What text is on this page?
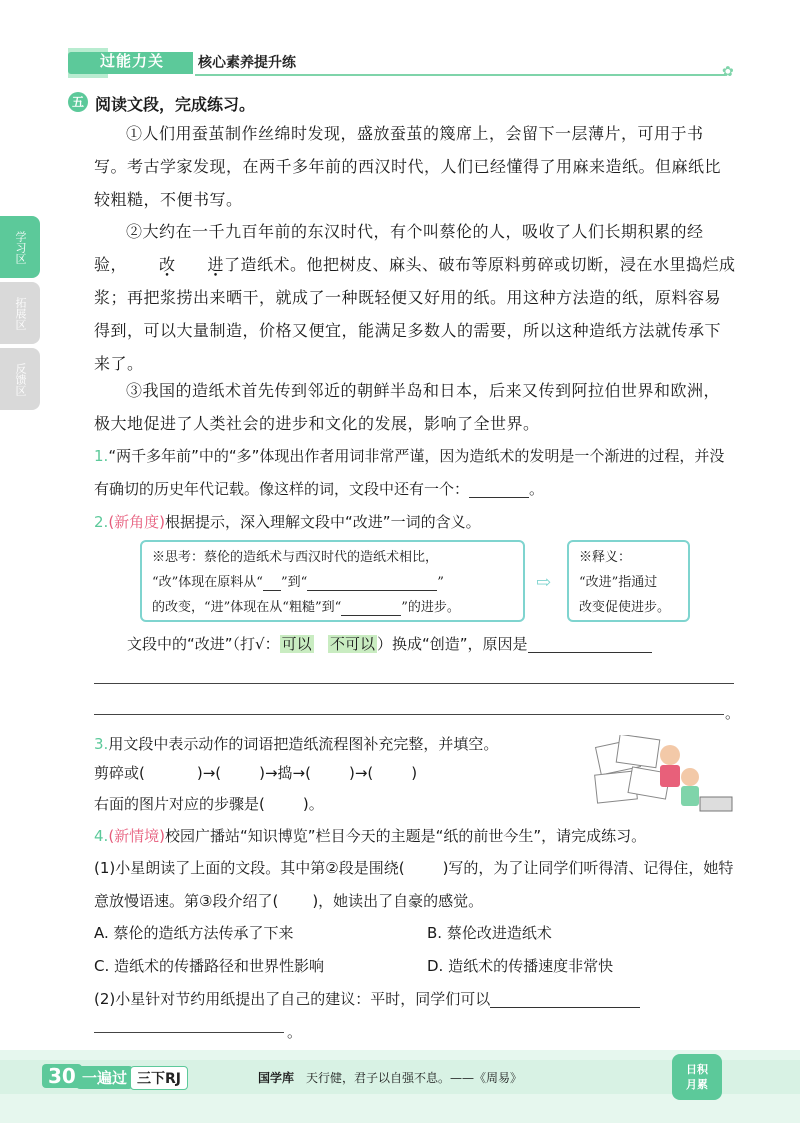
过能力关 核心素养提升练
✿
学习区
拓展区
反馈区
五 阅读文段，完成练习。

①人们用蚕茧制作丝绵时发现，盛放蚕茧的篾席上，会留下一层薄片，可用于书写。考古学家发现，在两千多年前的西汉时代，人们已经懂得了用麻来造纸。但麻纸比较粗糙，不便书写。

②大约在一千九百年前的东汉时代，有个叫蔡伦的人，吸收了人们长期积累的经验， 改 进了造纸术。他把树皮、麻头、破布等原料剪碎或切断，浸在水里捣烂成浆；再把浆捞出来晒干，就成了一种既轻便又好用的纸。用这种方法造的纸，原料容易得到，可以大量制造，价格又便宜，能满足多数人的需要，所以这种造纸方法就传承下来了。

③我国的造纸术首先传到邻近的朝鲜半岛和日本，后来又传到阿拉伯世界和欧洲，极大地促进了人类社会的进步和文化的发展，影响了全世界。

1.“两千多年前”中的“多”体现出作者用词非常严谨，因为造纸术的发明是一个渐进的过程，并没有确切的历史年代记载。像这样的词，文段中还有一个：	。

2.(新角度)根据提示，深入理解文段中“改进”一词的含义。

※思考：蔡伦的造纸术与西汉时代的造纸术相比，
“改”体现在原料从“ ”到“	”
的改变，“进”体现在从“粗糙”到“	”的进步。
⇨
※释义：
“改进”指通过
改变促使进步。

文段中的“改进”（打√： 可以 不可以 ）换成“创造”，原因是

。

3.用文段中表示动作的词语把造纸流程图补充完整，并填空。

剪碎或(	)→(	)→捣→(	)→(	)

右面的图片对应的步骤是(	)。

4.(新情境)校园广播站“知识博览”栏目今天的主题是“纸的前世今生”，请完成练习。

(1)小星朗读了上面的文段。其中第②段是围绕(	)写的，为了让同学们听得清、记得住，她特意放慢语速。第③段介绍了( )，她读出了自豪的感觉。

A. 蔡伦的造纸方法传承了下来	B. 蔡伦改进造纸术
C. 造纸术的传播路径和世界性影响	D. 造纸术的传播速度非常快

(2)小星针对节约用纸提出了自己的建议：平时，同学们可以

。
30 一遍过 三下RJ	国学库 天行健，君子以自强不息。——《周易》
日积
月累
